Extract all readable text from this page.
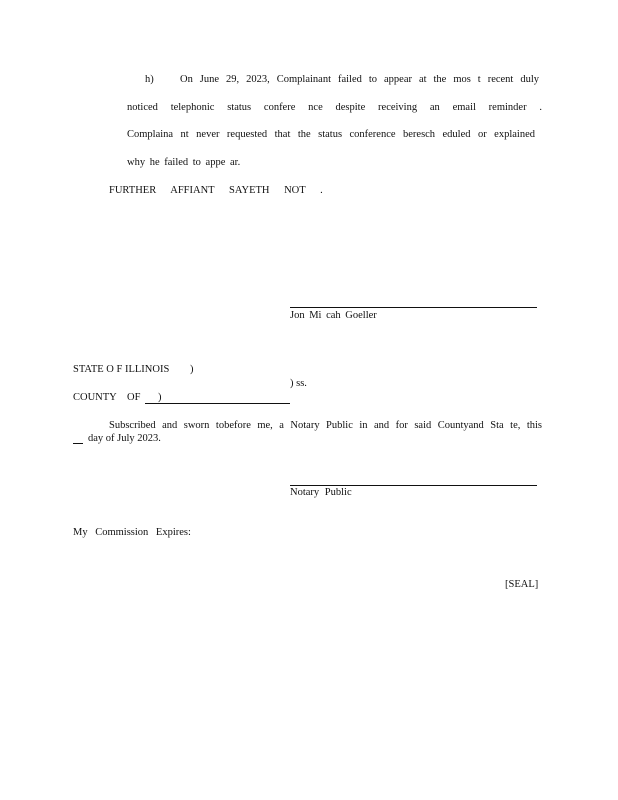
h)	On June 29, 2023, Complainant failed to appear at the mos t recent duly
noticed telephonic status confere nce despite receiving an email reminder .
Complaina nt never requested that the status conference beresch eduled or explained
why he failed to appe ar.
FURTHER AFFIANT SAYETH NOT .
Jon Mi cah Goeller
STATE O F ILLINOIS )
) ss.
COUNTY OF )
Subscribed and sworn tobefore me, a Notary Public in and for said Countyand Sta te, this
day of July 2023.
Notary Public
My Commission Expires:
[SEAL]
